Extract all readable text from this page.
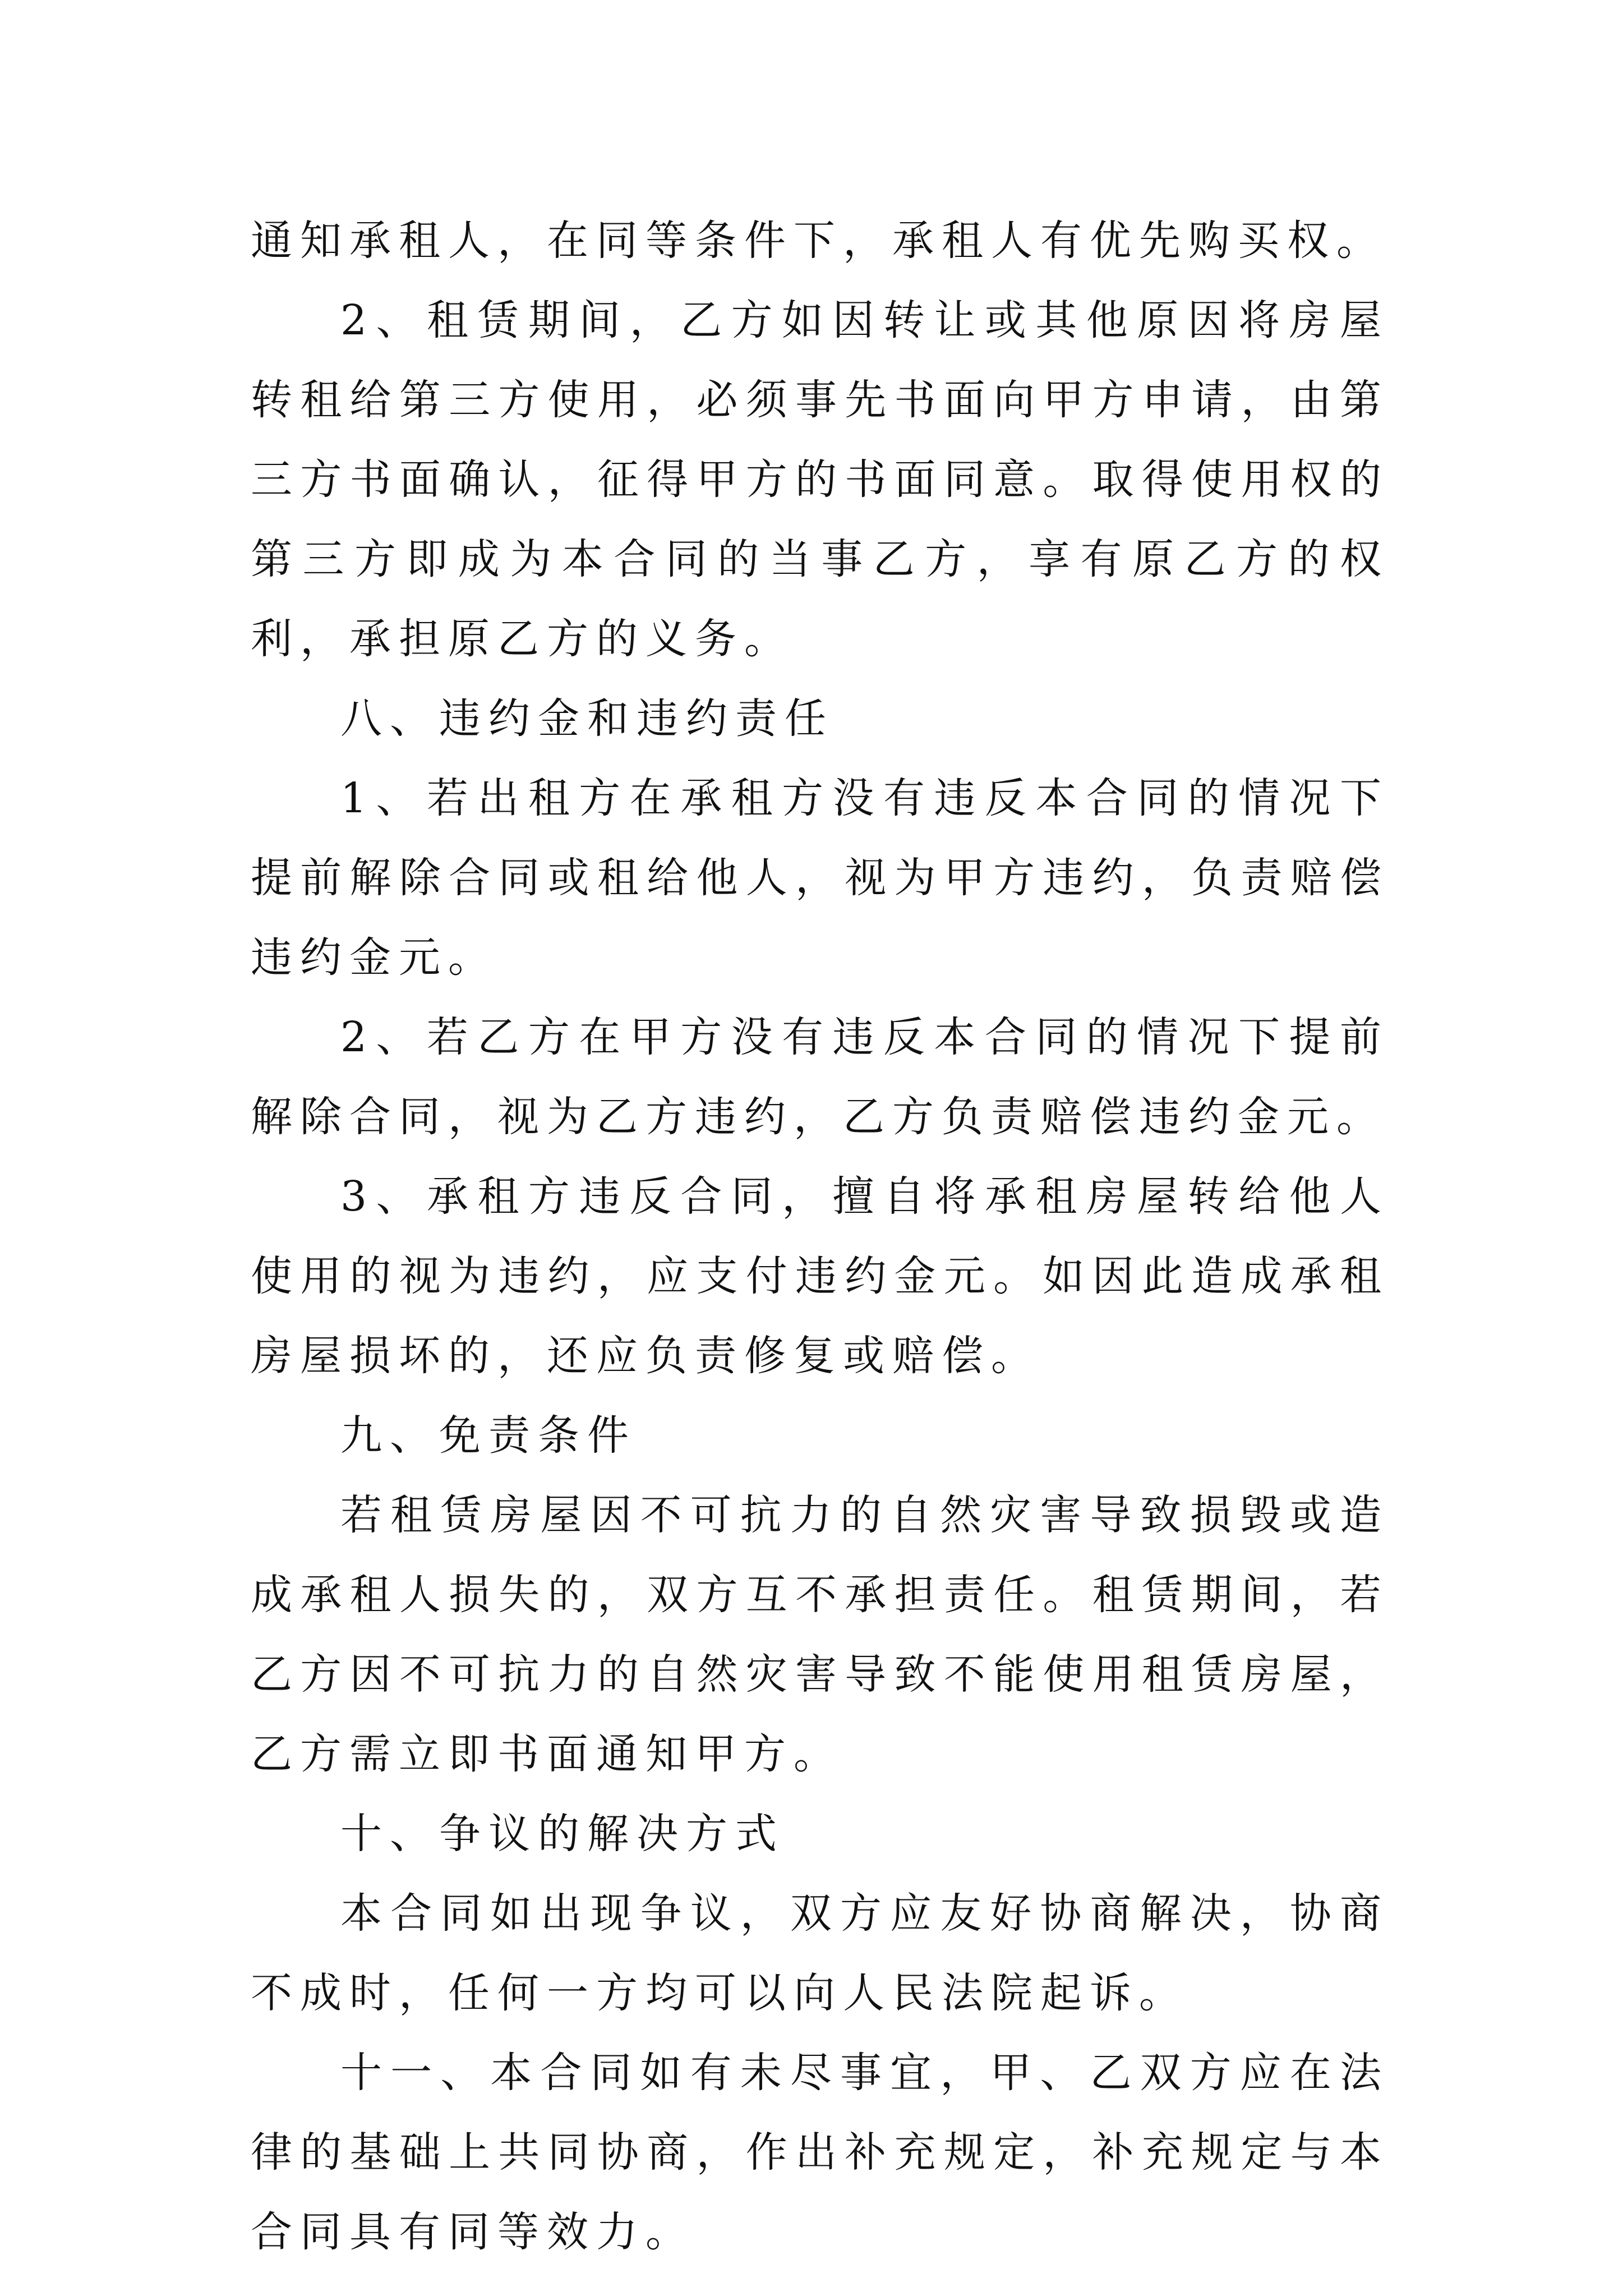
通知承租人，在同等条件下，承租人有优先购买权。

2、租赁期间，乙方如因转让或其他原因将房屋转租给第三方使用，必须事先书面向甲方申请，由第三方书面确认，征得甲方的书面同意。取得使用权的第三方即成为本合同的当事乙方，享有原乙方的权利，承担原乙方的义务。

八、违约金和违约责任

1、若出租方在承租方没有违反本合同的情况下提前解除合同或租给他人，视为甲方违约，负责赔偿违约金元。

2、若乙方在甲方没有违反本合同的情况下提前解除合同，视为乙方违约，乙方负责赔偿违约金元。

3、承租方违反合同，擅自将承租房屋转给他人使用的视为违约，应支付违约金元。如因此造成承租房屋损坏的，还应负责修复或赔偿。

九、免责条件

若租赁房屋因不可抗力的自然灾害导致损毁或造成承租人损失的，双方互不承担责任。租赁期间，若乙方因不可抗力的自然灾害导致不能使用租赁房屋，乙方需立即书面通知甲方。

十、争议的解决方式

本合同如出现争议，双方应友好协商解决，协商不成时，任何一方均可以向人民法院起诉。

十一、本合同如有未尽事宜，甲、乙双方应在法律的基础上共同协商，作出补充规定，补充规定与本合同具有同等效力。
